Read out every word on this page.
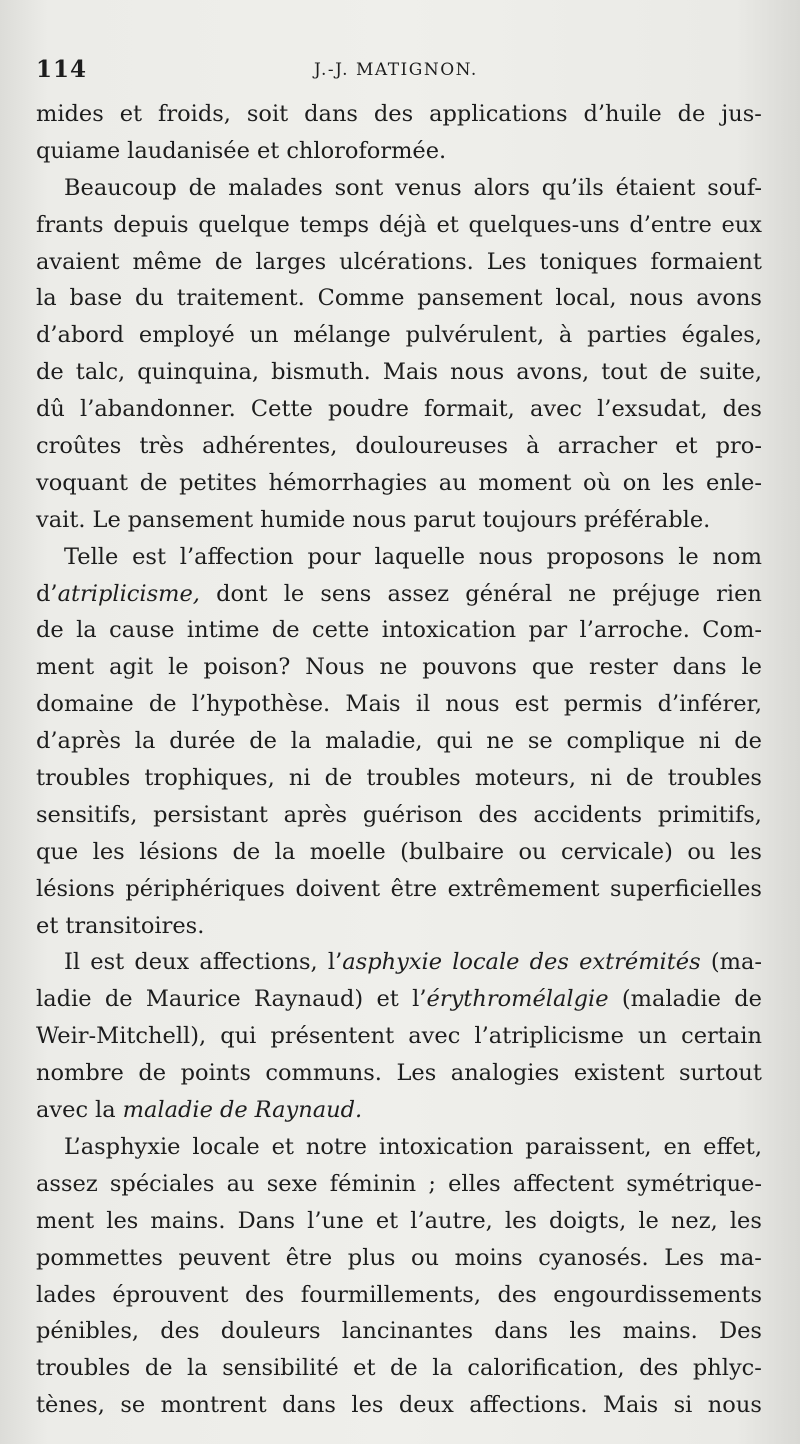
114	J.-J. MATIGNON.
mides et froids, soit dans des applications d’huile de jus-
quiame laudanisée et chloroformée.
Beaucoup de malades sont venus alors qu’ils étaient souf-
frants depuis quelque temps déjà et quelques-uns d’entre eux
avaient même de larges ulcérations. Les toniques formaient
la base du traitement. Comme pansement local, nous avons
d’abord employé un mélange pulvérulent, à parties égales,
de talc, quinquina, bismuth. Mais nous avons, tout de suite,
dû l’abandonner. Cette poudre formait, avec l’exsudat, des
croûtes très adhérentes, douloureuses à arracher et pro-
voquant de petites hémorrhagies au moment où on les enle-
vait. Le pansement humide nous parut toujours préférable.
Telle est l’affection pour laquelle nous proposons le nom
d’atriplicisme, dont le sens assez général ne préjuge rien
de la cause intime de cette intoxication par l’arroche. Com-
ment agit le poison? Nous ne pouvons que rester dans le
domaine de l’hypothèse. Mais il nous est permis d’inférer,
d’après la durée de la maladie, qui ne se complique ni de
troubles trophiques, ni de troubles moteurs, ni de troubles
sensitifs, persistant après guérison des accidents primitifs,
que les lésions de la moelle (bulbaire ou cervicale) ou les
lésions périphériques doivent être extrêmement superficielles
et transitoires.
Il est deux affections, l’asphyxie locale des extrémités (ma-
ladie de Maurice Raynaud) et l’érythromélalgie (maladie de
Weir-Mitchell), qui présentent avec l’atriplicisme un certain
nombre de points communs. Les analogies existent surtout
avec la maladie de Raynaud.
L’asphyxie locale et notre intoxication paraissent, en effet,
assez spéciales au sexe féminin ; elles affectent symétrique-
ment les mains. Dans l’une et l’autre, les doigts, le nez, les
pommettes peuvent être plus ou moins cyanosés. Les ma-
lades éprouvent des fourmillements, des engourdissements
pénibles, des douleurs lancinantes dans les mains. Des
troubles de la sensibilité et de la calorification, des phlyc-
tènes, se montrent dans les deux affections. Mais si nous
